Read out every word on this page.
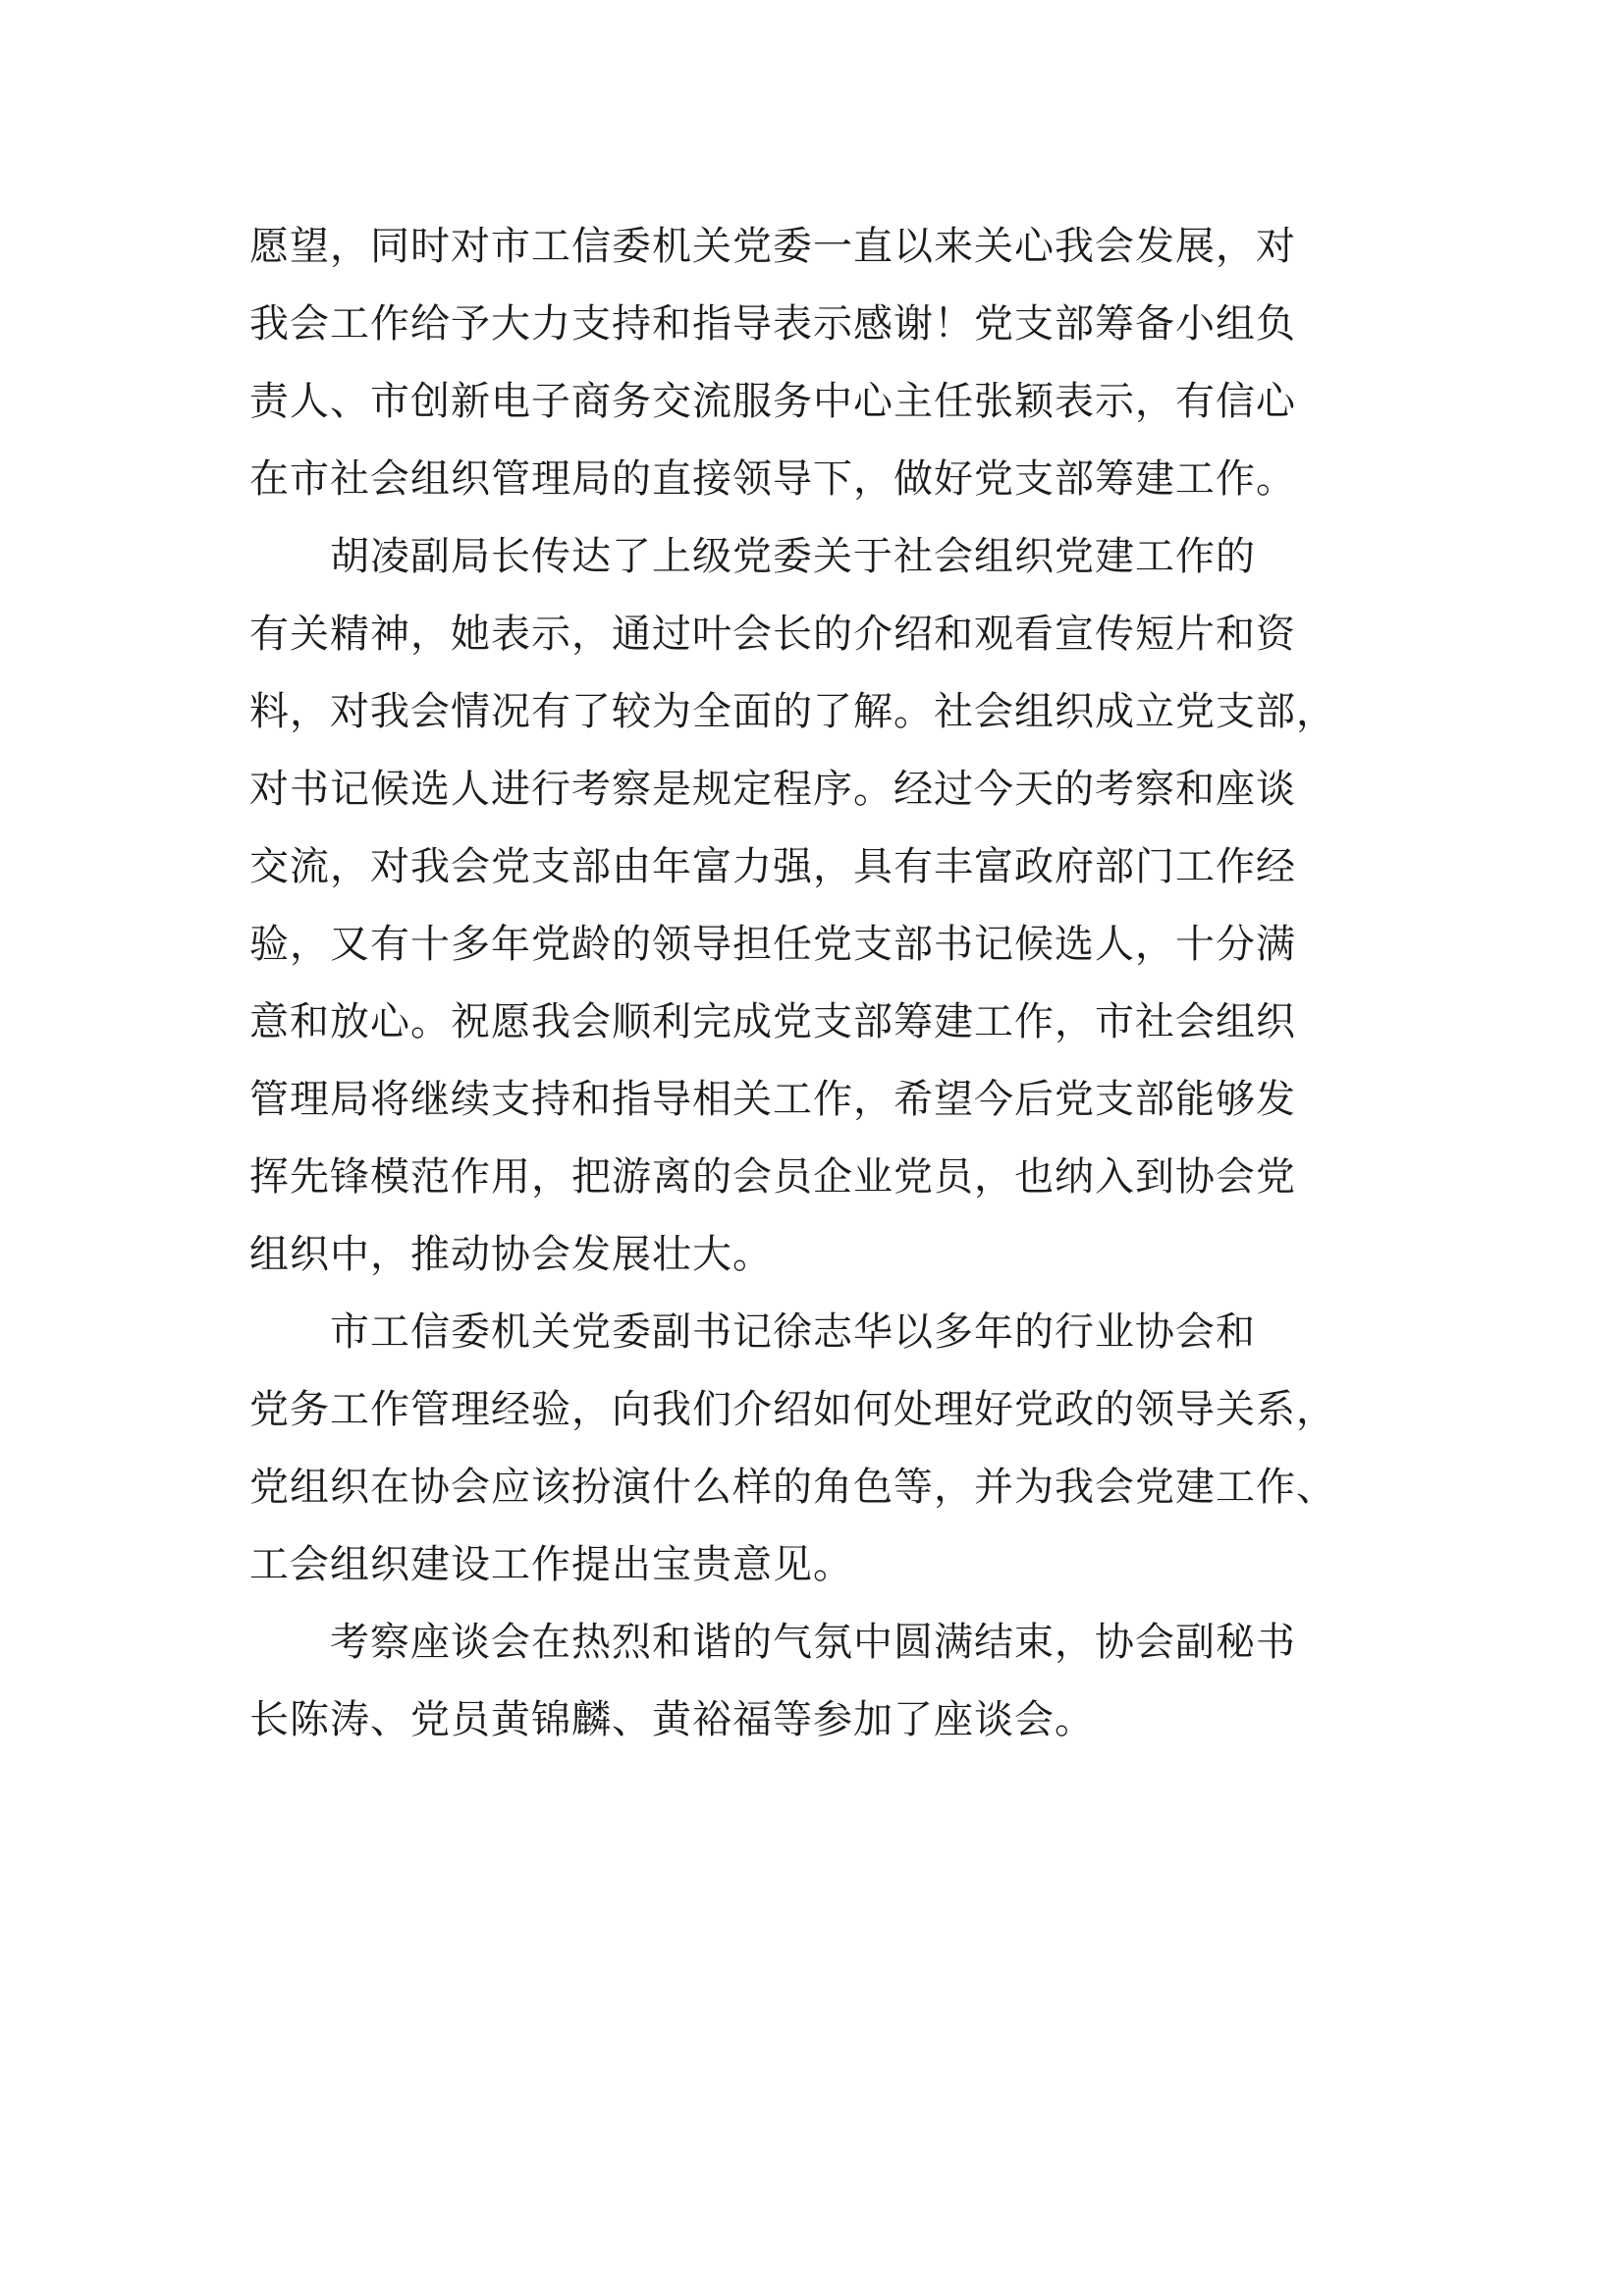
愿望，同时对市工信委机关党委一直以来关心我会发展，对
我会工作给予大力支持和指导表示感谢！党支部筹备小组负
责人、市创新电子商务交流服务中心主任张颖表示，有信心
在市社会组织管理局的直接领导下，做好党支部筹建工作。
　　胡凌副局长传达了上级党委关于社会组织党建工作的
有关精神，她表示，通过叶会长的介绍和观看宣传短片和资
料，对我会情况有了较为全面的了解。社会组织成立党支部，
对书记候选人进行考察是规定程序。经过今天的考察和座谈
交流，对我会党支部由年富力强，具有丰富政府部门工作经
验，又有十多年党龄的领导担任党支部书记候选人，十分满
意和放心。祝愿我会顺利完成党支部筹建工作，市社会组织
管理局将继续支持和指导相关工作，希望今后党支部能够发
挥先锋模范作用，把游离的会员企业党员，也纳入到协会党
组织中，推动协会发展壮大。
　　市工信委机关党委副书记徐志华以多年的行业协会和
党务工作管理经验，向我们介绍如何处理好党政的领导关系，
党组织在协会应该扮演什么样的角色等，并为我会党建工作、
工会组织建设工作提出宝贵意见。
　　考察座谈会在热烈和谐的气氛中圆满结束，协会副秘书
长陈涛、党员黄锦麟、黄裕福等参加了座谈会。
